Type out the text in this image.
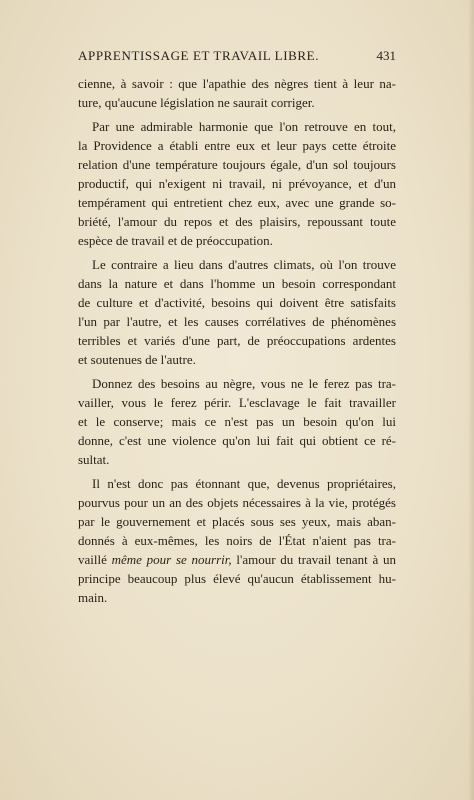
APPRENTISSAGE ET TRAVAIL LIBRE.	431
cienne, à savoir : que l'apathie des nègres tient à leur na-
ture, qu'aucune législation ne saurait corriger.
Par une admirable harmonie que l'on retrouve en tout,
la Providence a établi entre eux et leur pays cette étroite
relation d'une température toujours égale, d'un sol toujours
productif, qui n'exigent ni travail, ni prévoyance, et d'un
tempérament qui entretient chez eux, avec une grande so-
briété, l'amour du repos et des plaisirs, repoussant toute
espèce de travail et de préoccupation.
Le contraire a lieu dans d'autres climats, où l'on trouve
dans la nature et dans l'homme un besoin correspondant
de culture et d'activité, besoins qui doivent être satisfaits
l'un par l'autre, et les causes corrélatives de phénomènes
terribles et variés d'une part, de préoccupations ardentes
et soutenues de l'autre.
Donnez des besoins au nègre, vous ne le ferez pas tra-
vailler, vous le ferez périr. L'esclavage le fait travailler
et le conserve; mais ce n'est pas un besoin qu'on lui
donne, c'est une violence qu'on lui fait qui obtient ce ré-
sultat.
Il n'est donc pas étonnant que, devenus propriétaires,
pourvus pour un an des objets nécessaires à la vie, protégés
par le gouvernement et placés sous ses yeux, mais aban-
donnés à eux-mêmes, les noirs de l'État n'aient pas tra-
vaillé même pour se nourrir, l'amour du travail tenant à un
principe beaucoup plus élevé qu'aucun établissement hu-
main.
